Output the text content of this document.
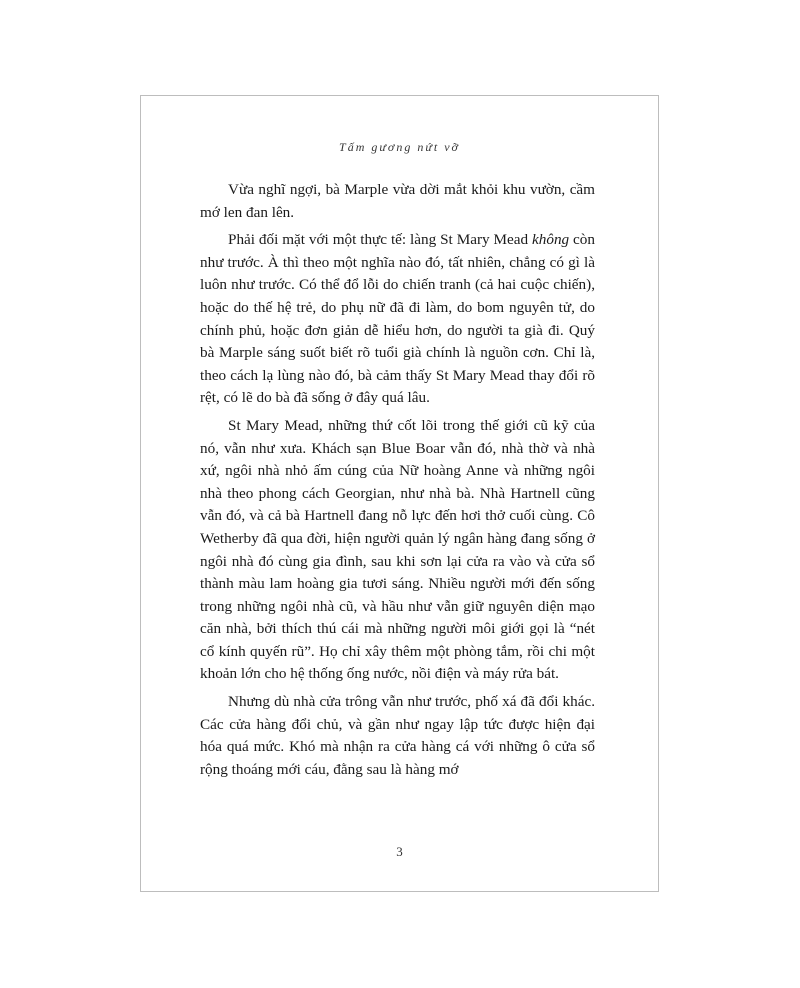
Tấm gương nứt vỡ

Vừa nghĩ ngợi, bà Marple vừa dời mắt khỏi khu vườn, cầm mớ len đan lên.

Phải đối mặt với một thực tế: làng St Mary Mead không còn như trước. À thì theo một nghĩa nào đó, tất nhiên, chẳng có gì là luôn như trước. Có thể đổ lỗi do chiến tranh (cả hai cuộc chiến), hoặc do thế hệ trẻ, do phụ nữ đã đi làm, do bom nguyên tử, do chính phủ, hoặc đơn giản dễ hiểu hơn, do người ta già đi. Quý bà Marple sáng suốt biết rõ tuổi già chính là nguồn cơn. Chỉ là, theo cách lạ lùng nào đó, bà cảm thấy St Mary Mead thay đổi rõ rệt, có lẽ do bà đã sống ở đây quá lâu.

St Mary Mead, những thứ cốt lõi trong thế giới cũ kỹ của nó, vẫn như xưa. Khách sạn Blue Boar vẫn đó, nhà thờ và nhà xứ, ngôi nhà nhỏ ấm cúng của Nữ hoàng Anne và những ngôi nhà theo phong cách Georgian, như nhà bà. Nhà Hartnell cũng vẫn đó, và cả bà Hartnell đang nỗ lực đến hơi thở cuối cùng. Cô Wetherby đã qua đời, hiện người quản lý ngân hàng đang sống ở ngôi nhà đó cùng gia đình, sau khi sơn lại cửa ra vào và cửa sổ thành màu lam hoàng gia tươi sáng. Nhiều người mới đến sống trong những ngôi nhà cũ, và hầu như vẫn giữ nguyên diện mạo căn nhà, bởi thích thú cái mà những người môi giới gọi là “nét cổ kính quyến rũ”. Họ chỉ xây thêm một phòng tắm, rồi chi một khoản lớn cho hệ thống ống nước, nồi điện và máy rửa bát.

Nhưng dù nhà cửa trông vẫn như trước, phố xá đã đổi khác. Các cửa hàng đổi chủ, và gần như ngay lập tức được hiện đại hóa quá mức. Khó mà nhận ra cửa hàng cá với những ô cửa sổ rộng thoáng mới cáu, đằng sau là hàng mớ

3
